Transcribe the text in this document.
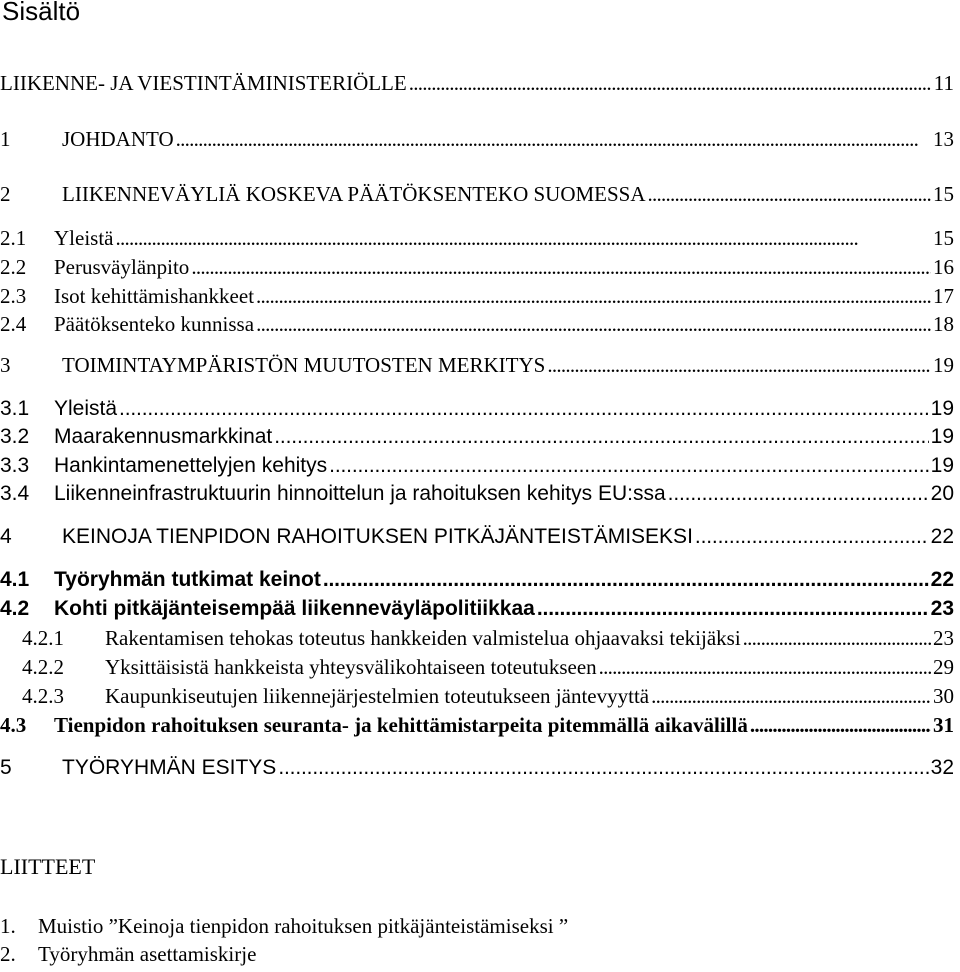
Sisältö
LIIKENNE- JA VIESTINTÄMINISTERIÖLLE . . .	11
1	JOHDANTO . . .	13
2	LIIKENNEVÄYLIÄ KOSKEVA PÄÄTÖKSENTEKO SUOMESSA . . .	15
2.1	Yleistä . . .	15
2.2	Perusväylänpito . . .	16
2.3	Isot kehittämishankkeet . . .	17
2.4	Päätöksenteko kunnissa . . .	18
3	TOIMINTAYMPÄRISTÖN MUUTOSTEN MERKITYS . . .	19
3.1	Yleistä . . .	19
3.2	Maarakennusmarkkinat . . .	19
3.3	Hankintamenettelyjen kehitys . . .	19
3.4	Liikenneinfrastruktuurin hinnoittelun ja rahoituksen kehitys EU:ssa . . .	20
4	KEINOJA TIENPIDON RAHOITUKSEN PITKÄJÄNTEISTÄMISEKSI . . .	22
4.1	Työryhmän tutkimat keinot . . .	22
4.2	Kohti pitkäjänteisempää liikenneväyläpolitiikkaa . . .	23
4.2.1	Rakentamisen tehokas toteutus hankkeiden valmistelua ohjaavaksi tekijäksi . . .	23
4.2.2	Yksittäisistä hankkeista yhteysvälikohtaiseen toteutukseen . . .	29
4.2.3	Kaupunkiseutujen liikennejärjestelmien toteutukseen jäntevyyttä . . .	30
4.3	Tienpidon rahoituksen seuranta- ja kehittämistarpeita pitemmällä aikavälillä . . .	31
5	TYÖRYHMÄN ESITYS . . .	32
LIITTEET
1. Muistio ”Keinoja tienpidon rahoituksen pitkäjänteistämiseksi ”
2. Työryhmän asettamiskirje
